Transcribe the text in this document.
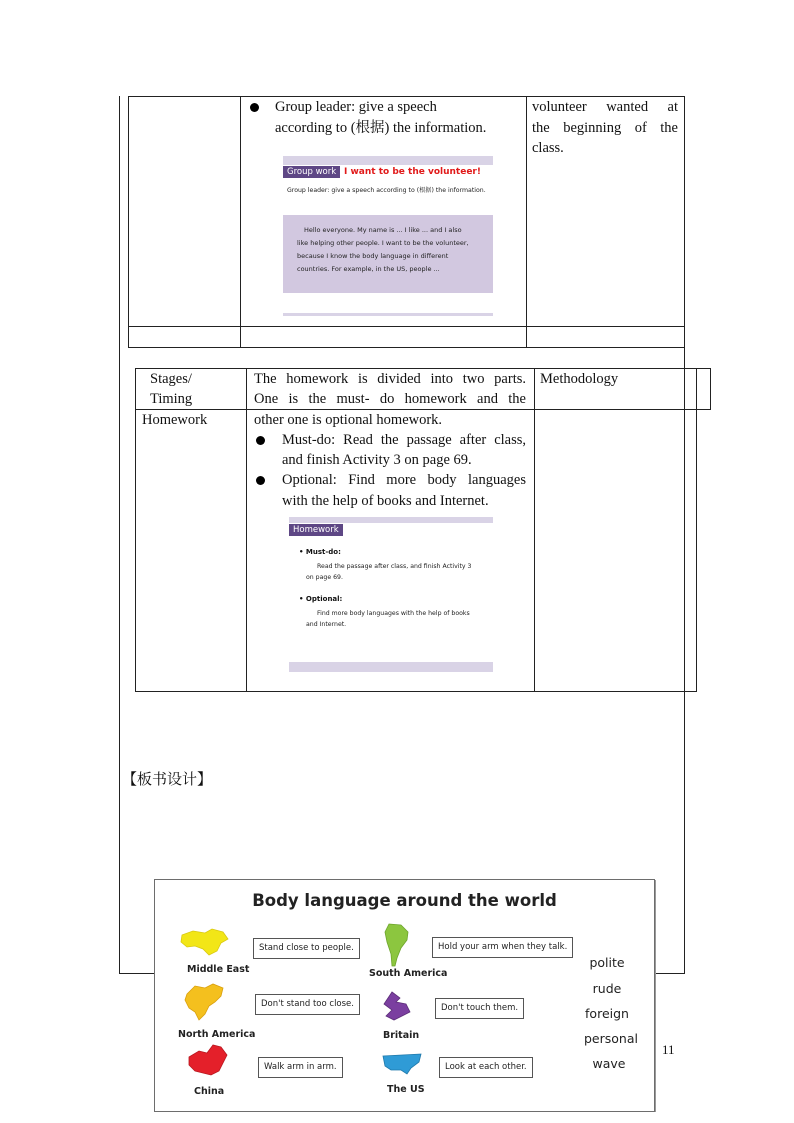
Group leader: give a speech
according to (根据) the information.
volunteer wanted at
the beginning of the
class.
Group work I want to be the volunteer!
Group leader: give a speech according to (根据) the information.
Hello everyone. My name is ... I like ... and I also
like helping other people. I want to be the volunteer,
because I know the body language in different
countries. For example, in the US, people ...
Stages/
Timing
Homework
Methodology
The homework is divided into two parts.
One is the must- do homework and the
other one is optional homework.
Must-do: Read the passage after class,
and finish Activity 3 on page 69.
Optional: Find more body languages
with the help of books and Internet.
Homework
• Must-do:
Read the passage after class, and finish Activity 3
on page 69.
• Optional:
Find more body languages with the help of books
and Internet.
【板书设计】
Body language around the world
Middle East
Stand close to people.
South America
Hold your arm when they talk.
North America
Don't stand too close.
Britain
Don't touch them.
China
Walk arm in arm.
The US
Look at each other.
polite
rude
foreign
personal
wave
11
